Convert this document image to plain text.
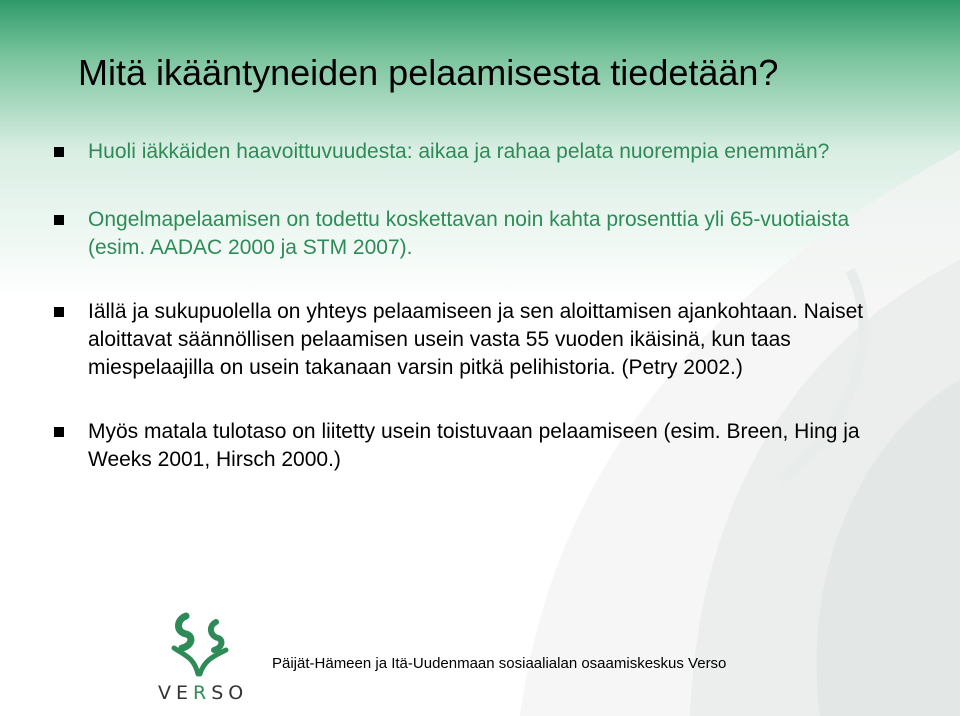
Mitä ikääntyneiden pelaamisesta tiedetään?
Huoli iäkkäiden haavoittuvuudesta: aikaa ja rahaa pelata nuorempia enemmän?
Ongelmapelaamisen on todettu koskettavan noin kahta prosenttia yli 65-vuotiaista (esim. AADAC 2000 ja STM 2007).
Iällä ja sukupuolella on yhteys pelaamiseen ja sen aloittamisen ajankohtaan. Naiset aloittavat säännöllisen pelaamisen usein vasta 55 vuoden ikäisinä, kun taas miespelaajilla on usein takanaan varsin pitkä pelihistoria. (Petry 2002.)
Myös matala tulotaso on liitetty usein toistuvaan pelaamiseen (esim. Breen, Hing ja Weeks 2001, Hirsch 2000.)
VERSO
Päijät-Hämeen ja Itä-Uudenmaan sosiaalialan osaamiskeskus Verso
